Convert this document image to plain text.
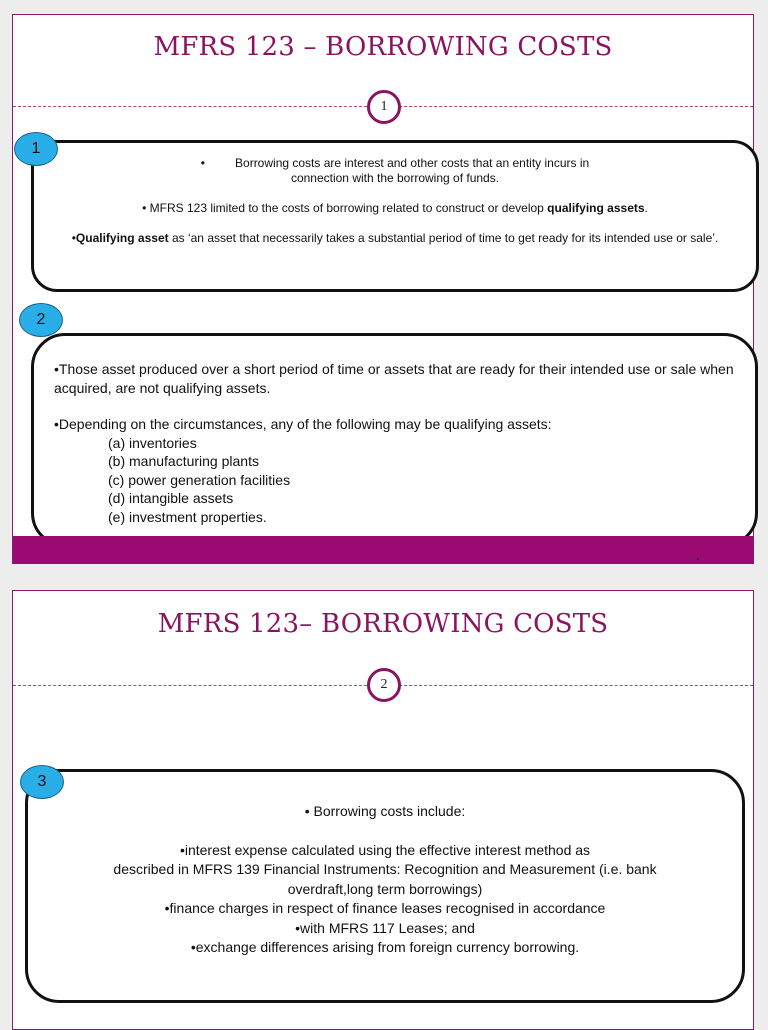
MFRS 123 – BORROWING COSTS
1

•	Borrowing costs are interest and other costs that an entity incurs in
connection with the borrowing of funds.

• MFRS 123 limited to the costs of borrowing related to construct or develop qualifying assets.

•Qualifying asset as ‘an asset that necessarily takes a substantial period of time to get ready for its intended use or sale’.

1

•Those asset produced over a short period of time or assets that are ready for their intended use or sale when acquired, are not qualifying assets.

•Depending on the circumstances, any of the following may be qualifying assets:

(a) inventories

(b) manufacturing plants

(c) power generation facilities

(d) intangible assets

(e) investment properties.

2
MFRS 123– BORROWING COSTS
2

• Borrowing costs include:

•interest expense calculated using the effective interest method as

described in MFRS 139 Financial Instruments: Recognition and Measurement (i.e. bank

overdraft,long term borrowings)

•finance charges in respect of finance leases recognised in accordance

•with MFRS 117 Leases; and

•exchange differences arising from foreign currency borrowing.

3
